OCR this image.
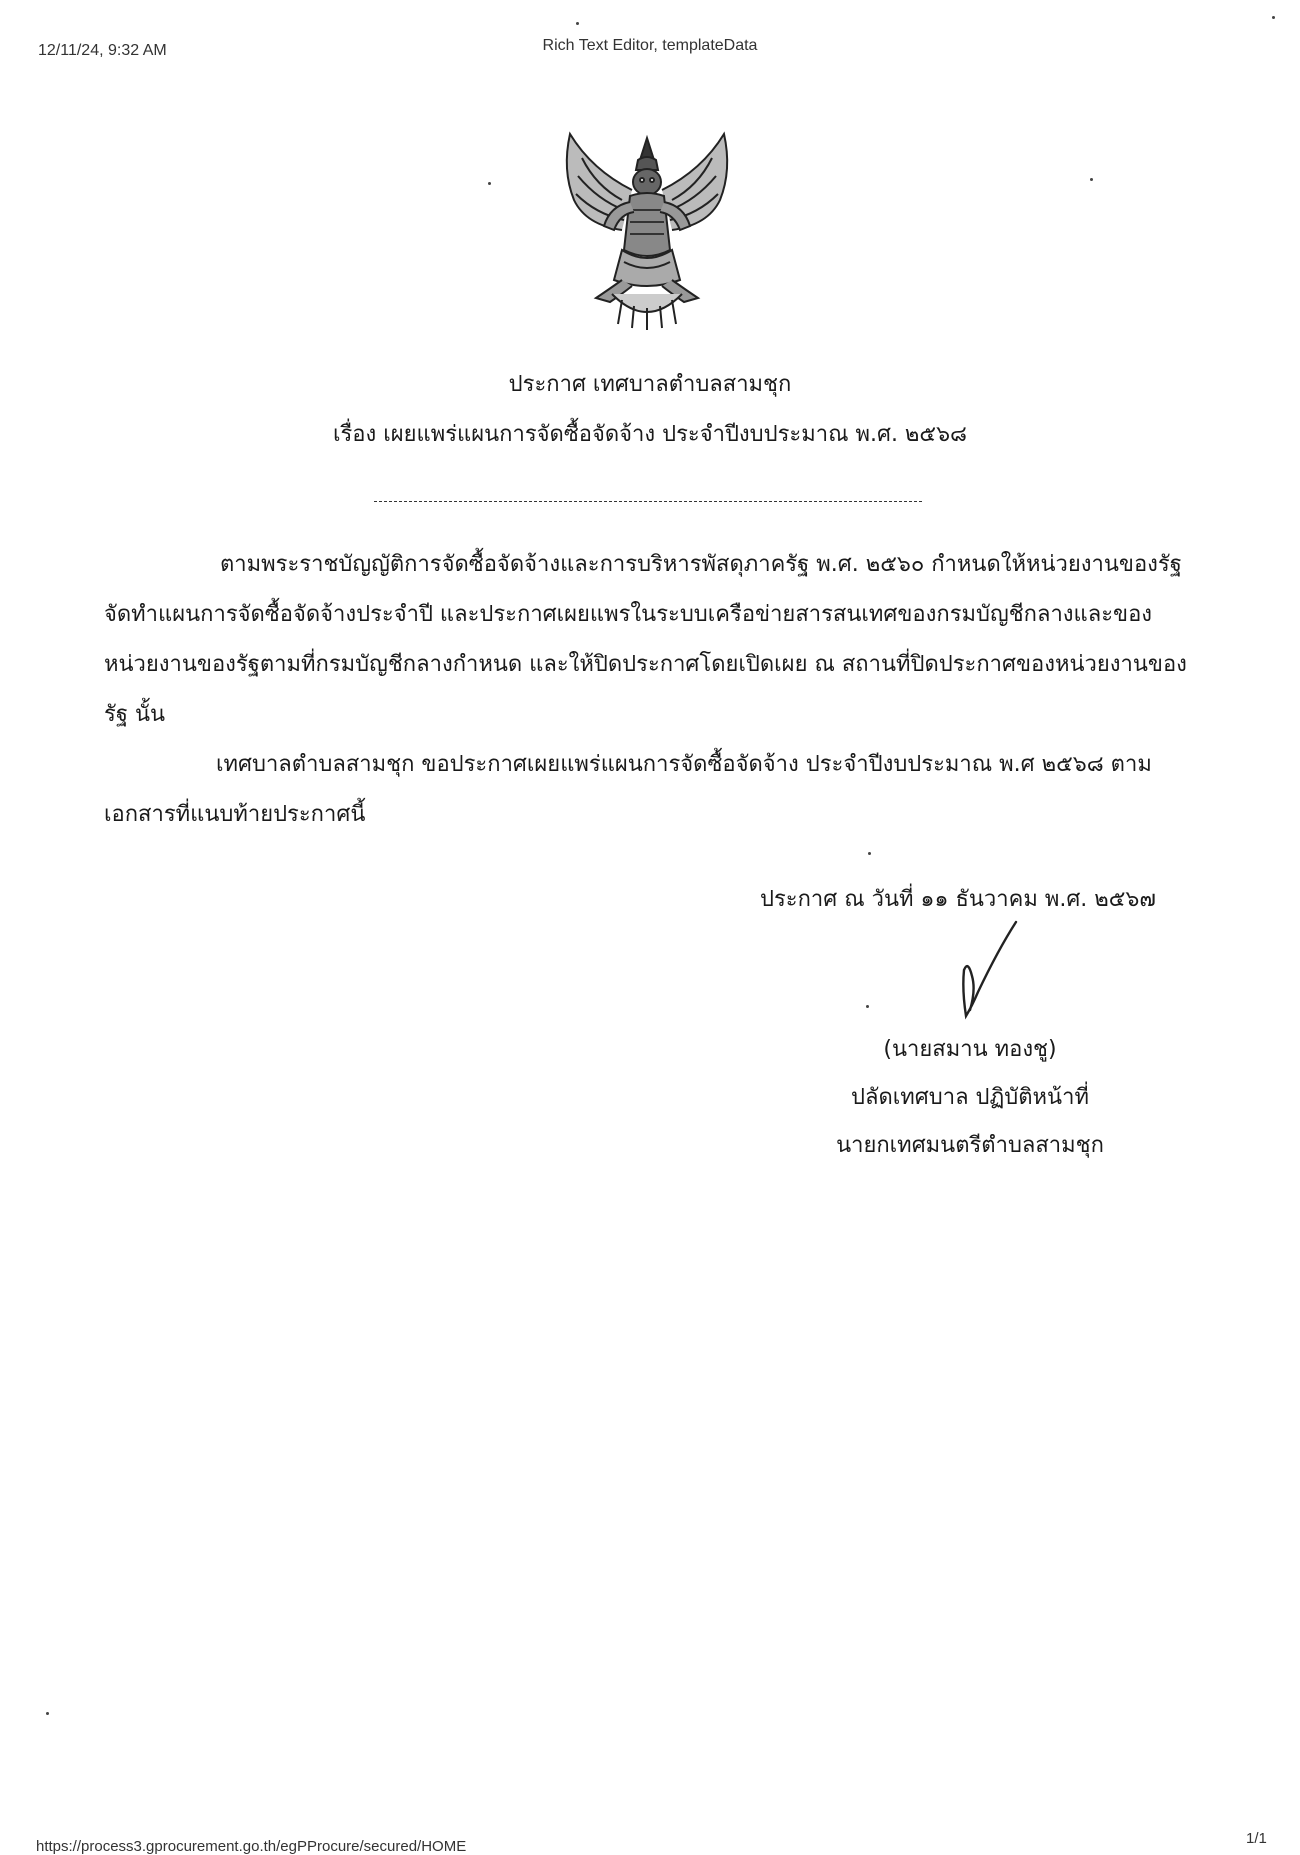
12/11/24, 9:32 AM	Rich Text Editor, templateData
ประกาศ เทศบาลตำบลสามชุก
เรื่อง เผยแพร่แผนการจัดซื้อจัดจ้าง ประจำปีงบประมาณ พ.ศ. ๒๕๖๘

ตามพระราชบัญญัติการจัดซื้อจัดจ้างและการบริหารพัสดุภาครัฐ พ.ศ. ๒๕๖๐ กำหนดให้หน่วยงานของรัฐจัดทำแผนการจัดซื้อจัดจ้างประจำปี และประกาศเผยแพรในระบบเครือข่ายสารสนเทศของกรมบัญชีกลางและของหน่วยงานของรัฐตามที่กรมบัญชีกลางกำหนด และให้ปิดประกาศโดยเปิดเผย ณ สถานที่ปิดประกาศของหน่วยงานของรัฐ นั้น

เทศบาลตำบลสามชุก ขอประกาศเผยแพร่แผนการจัดซื้อจัดจ้าง ประจำปีงบประมาณ พ.ศ ๒๕๖๘ ตามเอกสารที่แนบท้ายประกาศนี้

ประกาศ ณ วันที่ ๑๑ ธันวาคม พ.ศ. ๒๕๖๗
(นายสมาน ทองชู)
ปลัดเทศบาล ปฏิบัติหน้าที่
นายกเทศมนตรีตำบลสามชุก
https://process3.gprocurement.go.th/egPProcure/secured/HOME	1/1
